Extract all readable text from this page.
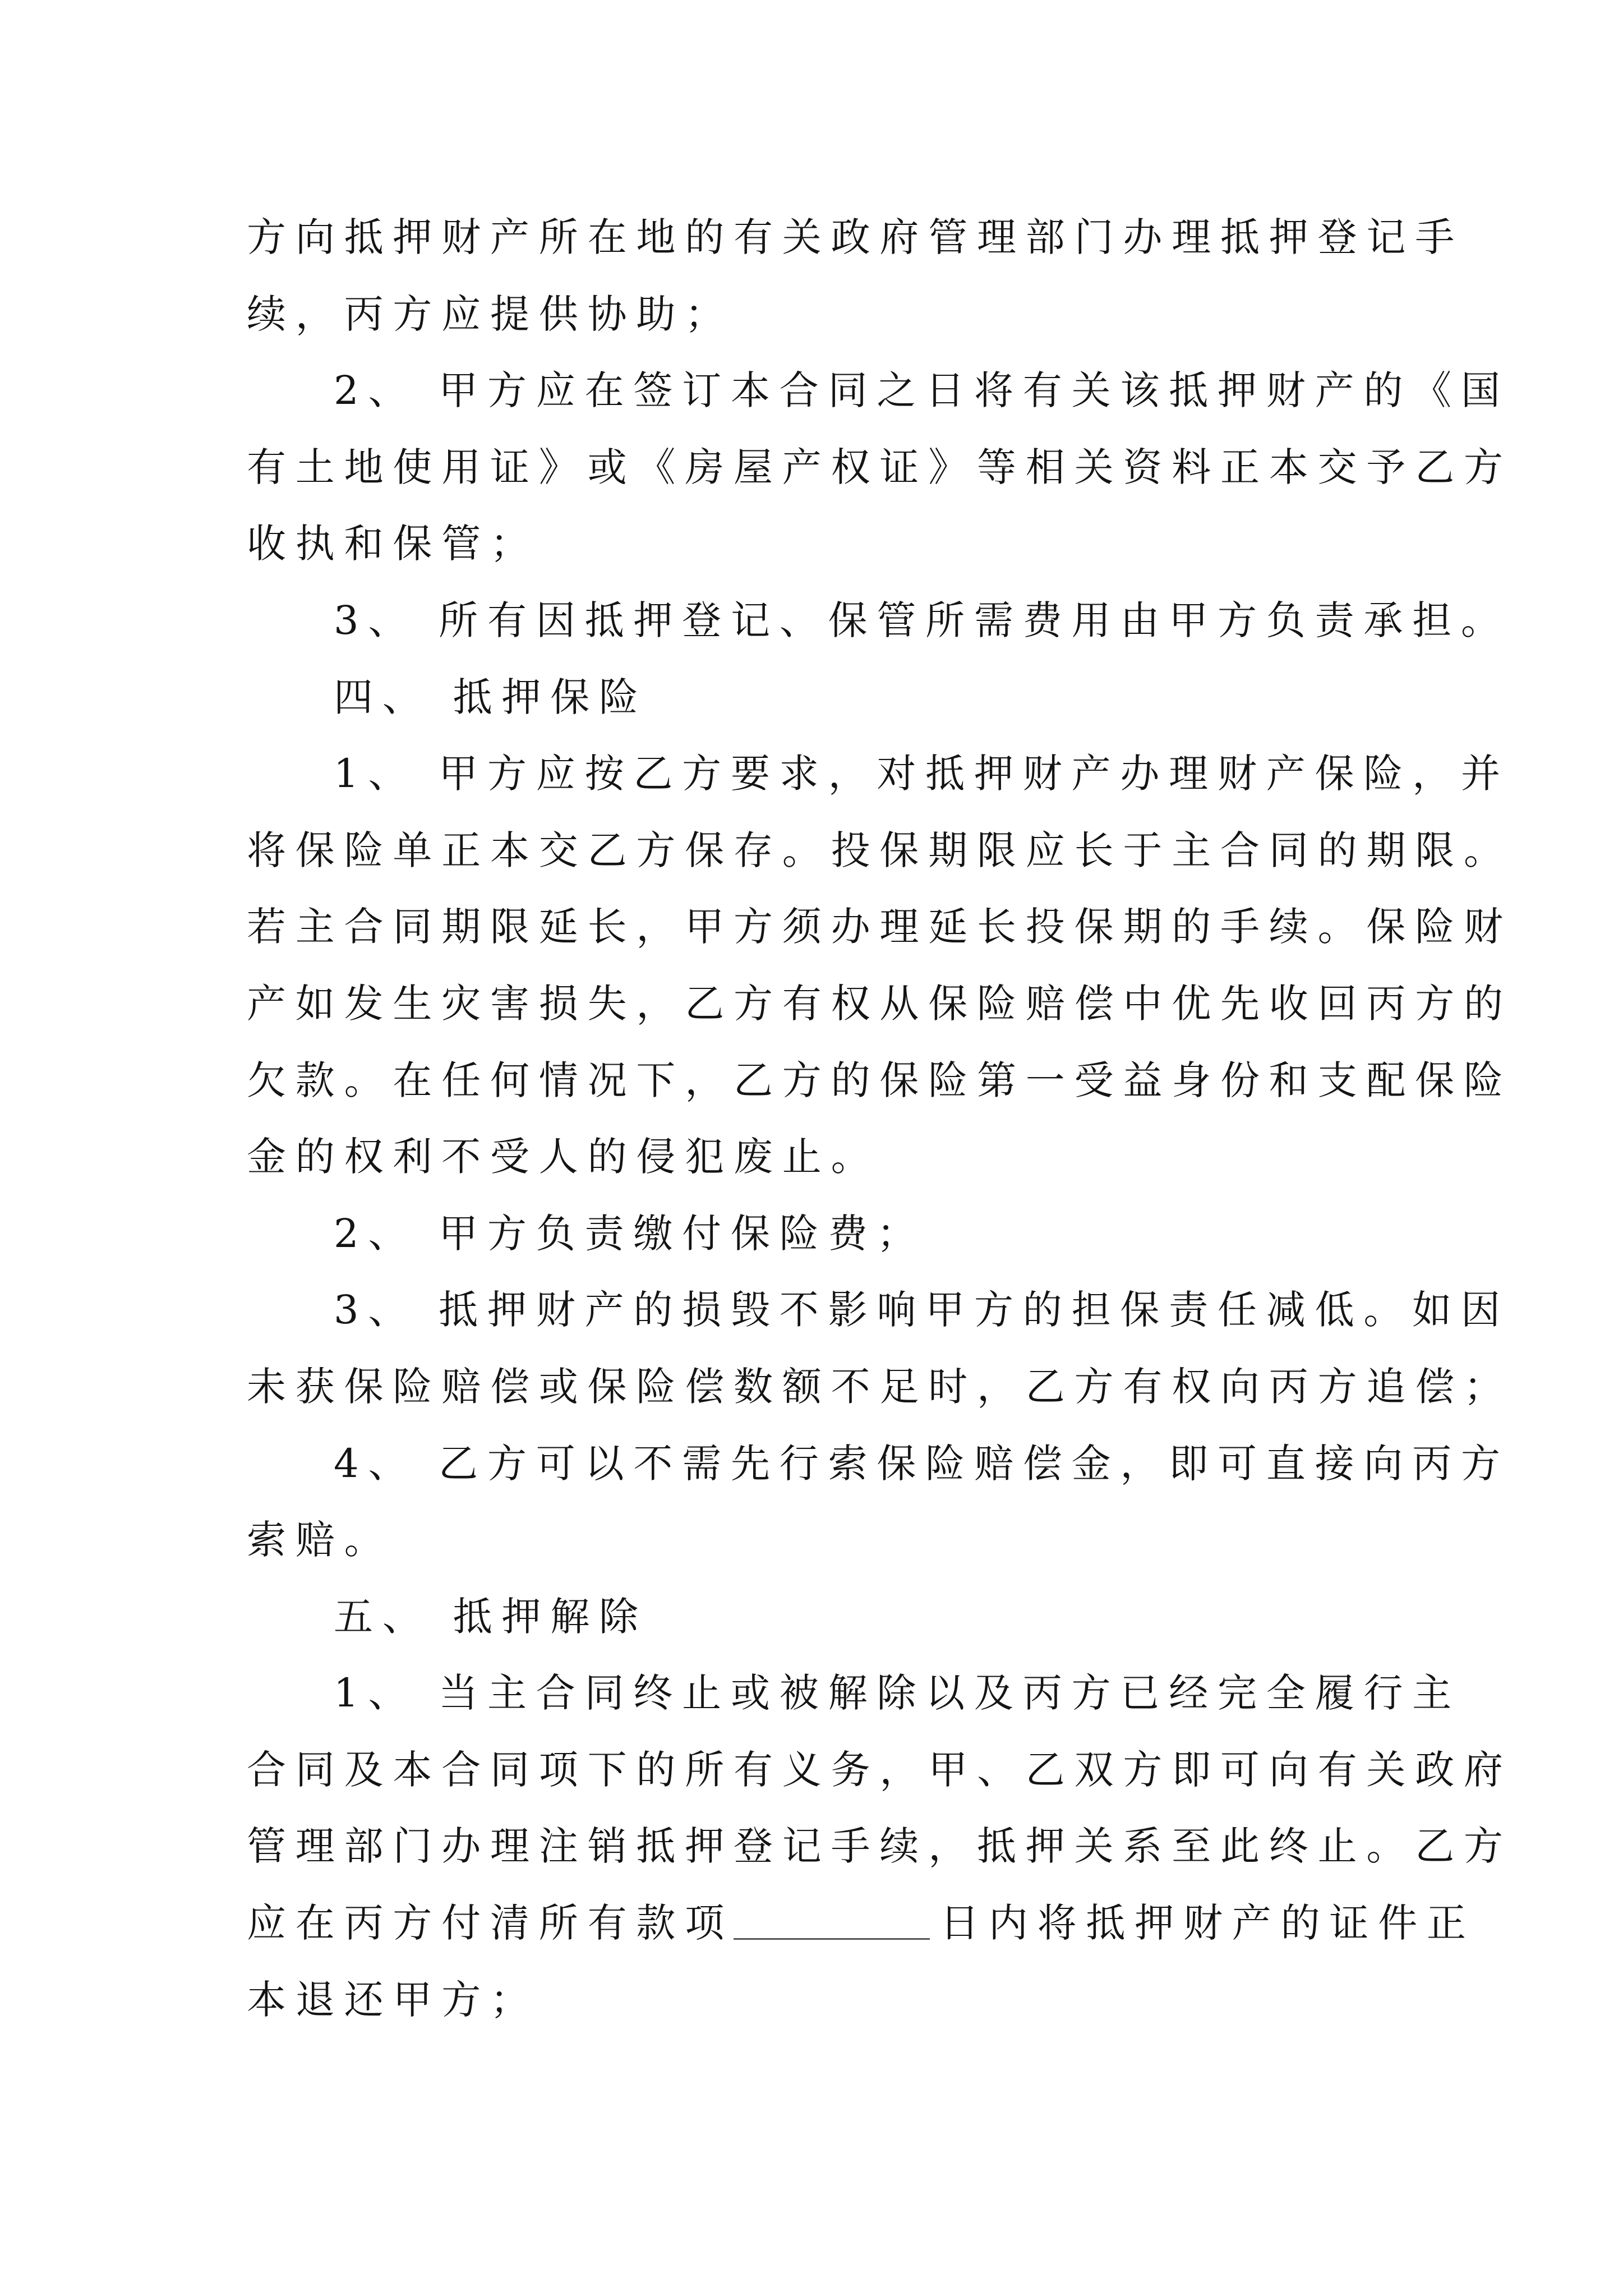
方向抵押财产所在地的有关政府管理部门办理抵押登记手
续，丙方应提供协助；
2、 甲方应在签订本合同之日将有关该抵押财产的《国
有土地使用证》或《房屋产权证》等相关资料正本交予乙方
收执和保管；
3、 所有因抵押登记、保管所需费用由甲方负责承担。
四、 抵押保险
1、 甲方应按乙方要求，对抵押财产办理财产保险，并
将保险单正本交乙方保存。投保期限应长于主合同的期限。
若主合同期限延长，甲方须办理延长投保期的手续。保险财
产如发生灾害损失，乙方有权从保险赔偿中优先收回丙方的
欠款。在任何情况下，乙方的保险第一受益身份和支配保险
金的权利不受人的侵犯废止。
2、 甲方负责缴付保险费；
3、 抵押财产的损毁不影响甲方的担保责任减低。如因
未获保险赔偿或保险偿数额不足时，乙方有权向丙方追偿；
4、 乙方可以不需先行索保险赔偿金，即可直接向丙方
索赔。
五、 抵押解除
1、 当主合同终止或被解除以及丙方已经完全履行主
合同及本合同项下的所有义务，甲、乙双方即可向有关政府
管理部门办理注销抵押登记手续，抵押关系至此终止。乙方
应在丙方付清所有款项	日内将抵押财产的证件正
本退还甲方；
